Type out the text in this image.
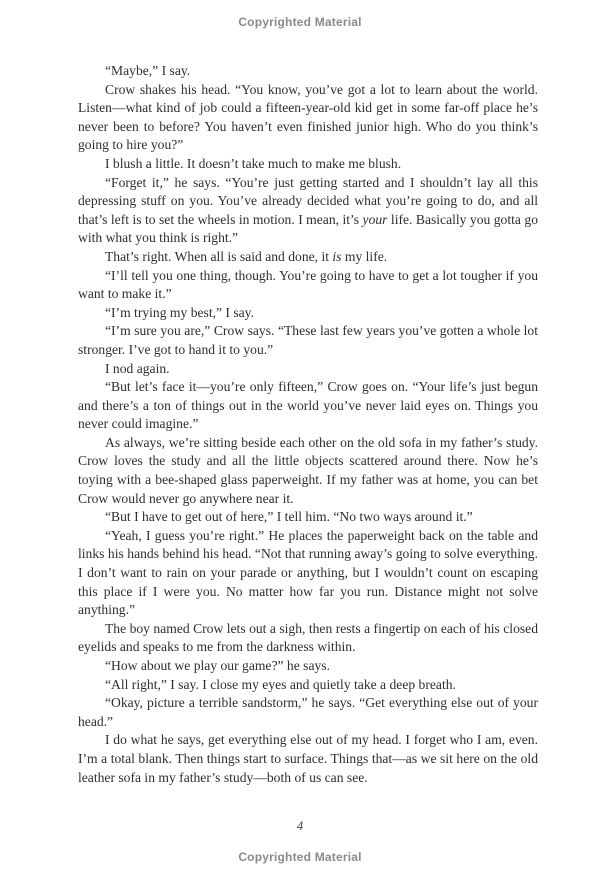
Copyrighted Material

“Maybe,” I say.

Crow shakes his head. “You know, you’ve got a lot to learn about the world. Listen—what kind of job could a fifteen-year-old kid get in some far-off place he’s never been to before? You haven’t even finished junior high. Who do you think’s going to hire you?”

I blush a little. It doesn’t take much to make me blush.

“Forget it,” he says. “You’re just getting started and I shouldn’t lay all this depressing stuff on you. You’ve already decided what you’re going to do, and all that’s left is to set the wheels in motion. I mean, it’s your life. Basically you gotta go with what you think is right.”

That’s right. When all is said and done, it is my life.

“I’ll tell you one thing, though. You’re going to have to get a lot tougher if you want to make it.”

“I’m trying my best,” I say.

“I’m sure you are,” Crow says. “These last few years you’ve gotten a whole lot stronger. I’ve got to hand it to you.”

I nod again.

“But let’s face it—you’re only fifteen,” Crow goes on. “Your life’s just begun and there’s a ton of things out in the world you’ve never laid eyes on. Things you never could imagine.”

As always, we’re sitting beside each other on the old sofa in my father’s study. Crow loves the study and all the little objects scattered around there. Now he’s toying with a bee-shaped glass paperweight. If my father was at home, you can bet Crow would never go anywhere near it.

“But I have to get out of here,” I tell him. “No two ways around it.”

“Yeah, I guess you’re right.” He places the paperweight back on the table and links his hands behind his head. “Not that running away’s going to solve everything. I don’t want to rain on your parade or anything, but I wouldn’t count on escaping this place if I were you. No matter how far you run. Distance might not solve anything.”

The boy named Crow lets out a sigh, then rests a fingertip on each of his closed eyelids and speaks to me from the darkness within.

“How about we play our game?” he says.

“All right,” I say. I close my eyes and quietly take a deep breath.

“Okay, picture a terrible sandstorm,” he says. “Get everything else out of your head.”

I do what he says, get everything else out of my head. I forget who I am, even. I’m a total blank. Then things start to surface. Things that—as we sit here on the old leather sofa in my father’s study—both of us can see.

4
Copyrighted Material
